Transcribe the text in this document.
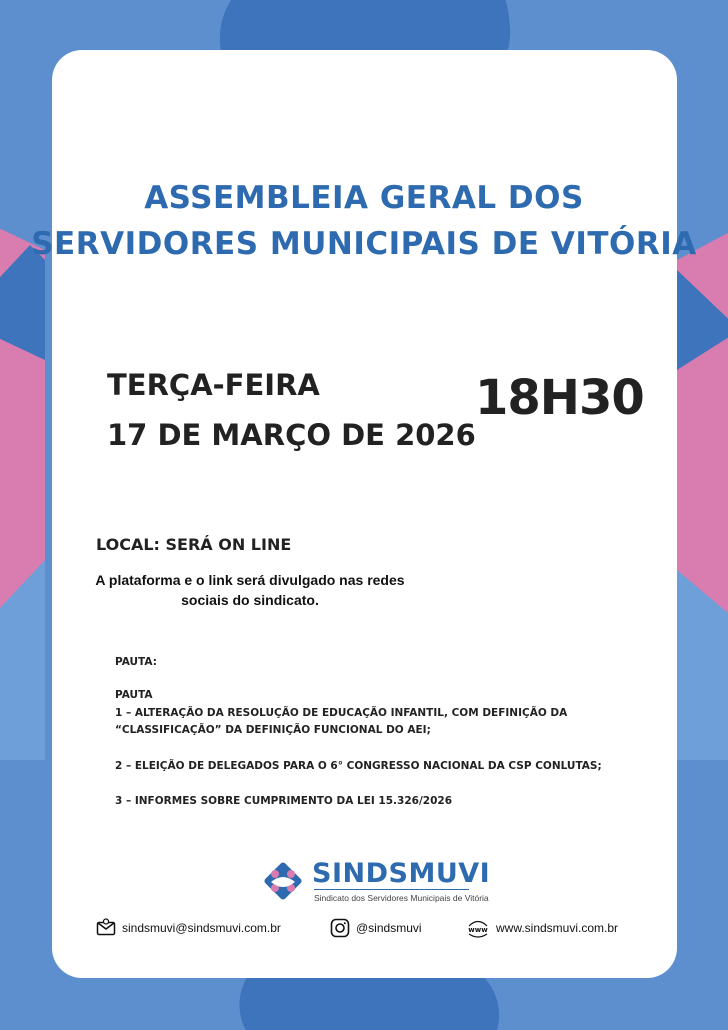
ASSEMBLEIA GERAL DOS
SERVIDORES MUNICIPAIS DE VITÓRIA
TERÇA-FEIRA
17 DE MARÇO DE 2026
18H30
LOCAL: SERÁ ON LINE
A plataforma e o link será divulgado nas redes
sociais do sindicato.
PAUTA:
PAUTA
1 – ALTERAÇÃO DA RESOLUÇÃO DE EDUCAÇÃO INFANTIL, COM DEFINIÇÃO DA
“CLASSIFICAÇÃO” DA DEFINIÇÃO FUNCIONAL DO AEI;
2 – ELEIÇÃO DE DELEGADOS PARA O 6° CONGRESSO NACIONAL DA CSP CONLUTAS;
3 – INFORMES SOBRE CUMPRIMENTO DA LEI 15.326/2026
SINDSMUVI
Sindicato dos Servidores Municipais de Vitória
sindsmuvi@sindsmuvi.com.br	@sindsmuvi	www www.sindsmuvi.com.br
